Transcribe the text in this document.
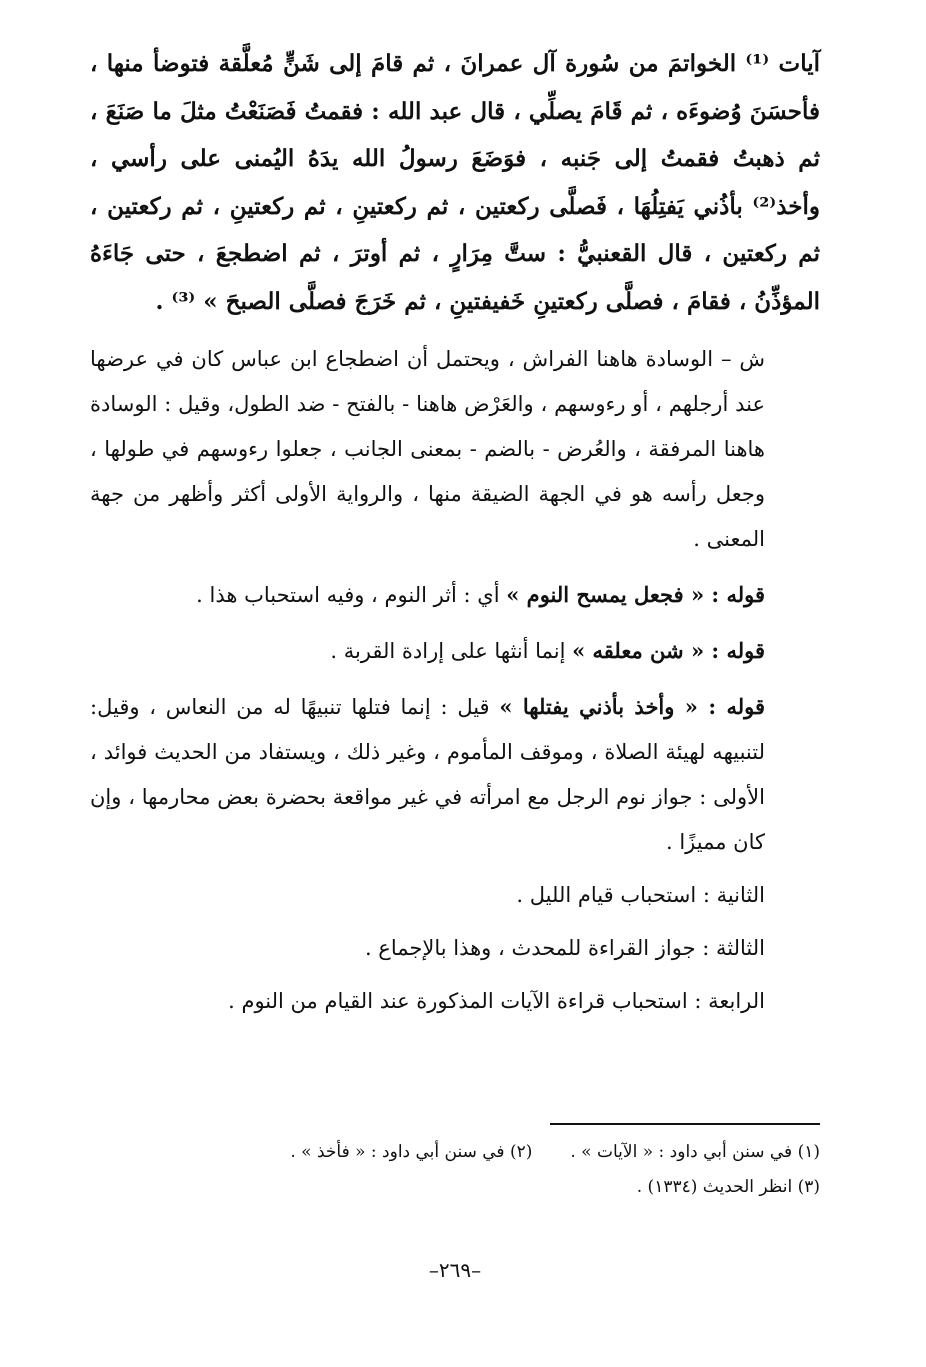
آيات ⁽¹⁾ الخواتمَ من سُورة آل عمرانَ ، ثم قامَ إلى شَنٍّ مُعلَّقة فتوضأ منها ، فأحسَنَ وُضوءَه ، ثم قَامَ يصلِّي ، قال عبد الله : فقمتُ فَصَنَعْتُ مثلَ ما صَنَعَ ، ثم ذهبتُ فقمتُ إلى جَنبه ، فوَضَعَ رسولُ الله يدَهُ اليُمنى على رأسي ، وأخذ⁽²⁾ بأذُني يَفتِلُهَا ، فَصلَّى ركعتين ، ثم ركعتينِ ، ثم ركعتينِ ، ثم ركعتين ، ثم ركعتين ، قال القعنبيُّ : ستَّ مِرَارٍ ، ثم أوترَ ، ثم اضطجعَ ، حتى جَاءَهُ المؤذِّنُ ، فقامَ ، فصلَّى ركعتينِ خَفيفتينِ ، ثم خَرَجَ فصلَّى الصبحَ » ⁽³⁾ .

ش – الوسادة هاهنا الفراش ، ويحتمل أن اضطجاع ابن عباس كان في عرضها عند أرجلهم ، أو رءوسهم ، والعَرْض هاهنا - بالفتح - ضد الطول، وقيل : الوسادة هاهنا المرفقة ، والعُرض - بالضم - بمعنى الجانب ، جعلوا رءوسهم في طولها ، وجعل رأسه هو في الجهة الضيقة منها ، والرواية الأولى أكثر وأظهر من جهة المعنى .

قوله : « فجعل يمسح النوم » أي : أثر النوم ، وفيه استحباب هذا .

قوله : « شن معلقه » إنما أنثها على إرادة القربة .

قوله : « وأخذ بأذني يفتلها » قيل : إنما فتلها تنبيهًا له من النعاس ، وقيل: لتنبيهه لهيئة الصلاة ، وموقف المأموم ، وغير ذلك ، ويستفاد من الحديث فوائد ، الأولى : جواز نوم الرجل مع امرأته في غير مواقعة بحضرة بعض محارمها ، وإن كان مميزًا .

الثانية : استحباب قيام الليل .

الثالثة : جواز القراءة للمحدث ، وهذا بالإجماع .

الرابعة : استحباب قراءة الآيات المذكورة عند القيام من النوم .

(١) في سنن أبي داود : « الآيات » .
(٢) في سنن أبي داود : « فأخذ » .
(٣) انظر الحديث (١٣٣٤) .
–٢٦٩–
